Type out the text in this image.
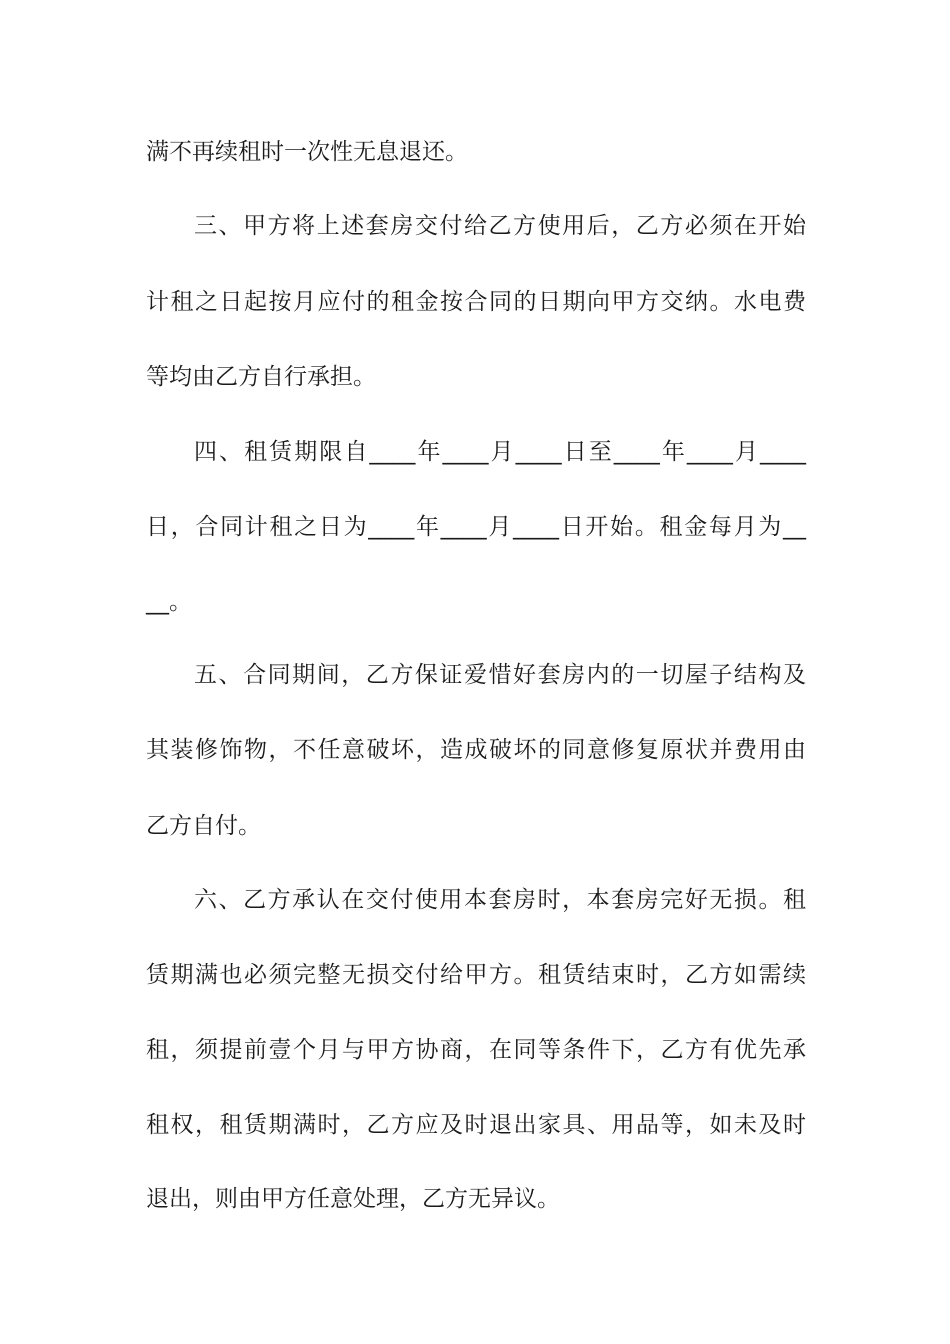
满不再续租时一次性无息退还。

三、甲方将上述套房交付给乙方使用后，乙方必须在开始

计租之日起按月应付的租金按合同的日期向甲方交纳。水电费

等均由乙方自行承担。

四、租赁期限自____年____月____日至____年____月____

日，合同计租之日为____年____月____日开始。租金每月为__

__。

五、合同期间，乙方保证爱惜好套房内的一切屋子结构及

其装修饰物，不任意破坏，造成破坏的同意修复原状并费用由

乙方自付。

六、乙方承认在交付使用本套房时，本套房完好无损。租

赁期满也必须完整无损交付给甲方。租赁结束时，乙方如需续

租，须提前壹个月与甲方协商，在同等条件下，乙方有优先承

租权，租赁期满时，乙方应及时退出家具、用品等，如未及时

退出，则由甲方任意处理，乙方无异议。
